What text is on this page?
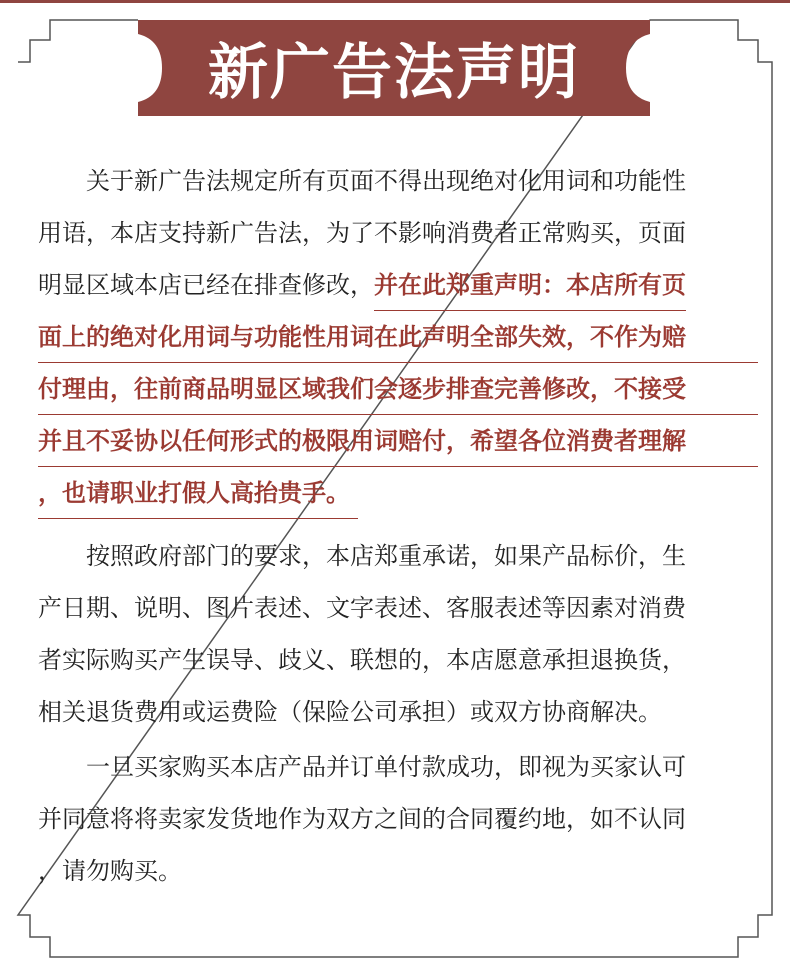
新广告法声明
关于新广告法规定所有页面不得出现绝对化用词和功能性
用语，本店支持新广告法，为了不影响消费者正常购买，页面
明显区域本店已经在排查修改，并在此郑重声明：本店所有页
面上的绝对化用词与功能性用词在此声明全部失效，不作为赔
付理由，往前商品明显区域我们会逐步排查完善修改，不接受
并且不妥协以任何形式的极限用词赔付，希望各位消费者理解
，也请职业打假人高抬贵手。
按照政府部门的要求，本店郑重承诺，如果产品标价，生
产日期、说明、图片表述、文字表述、客服表述等因素对消费
者实际购买产生误导、歧义、联想的，本店愿意承担退换货，
相关退货费用或运费险（保险公司承担）或双方协商解决。
一旦买家购买本店产品并订单付款成功，即视为买家认可
并同意将将卖家发货地作为双方之间的合同覆约地，如不认同
，请勿购买。
